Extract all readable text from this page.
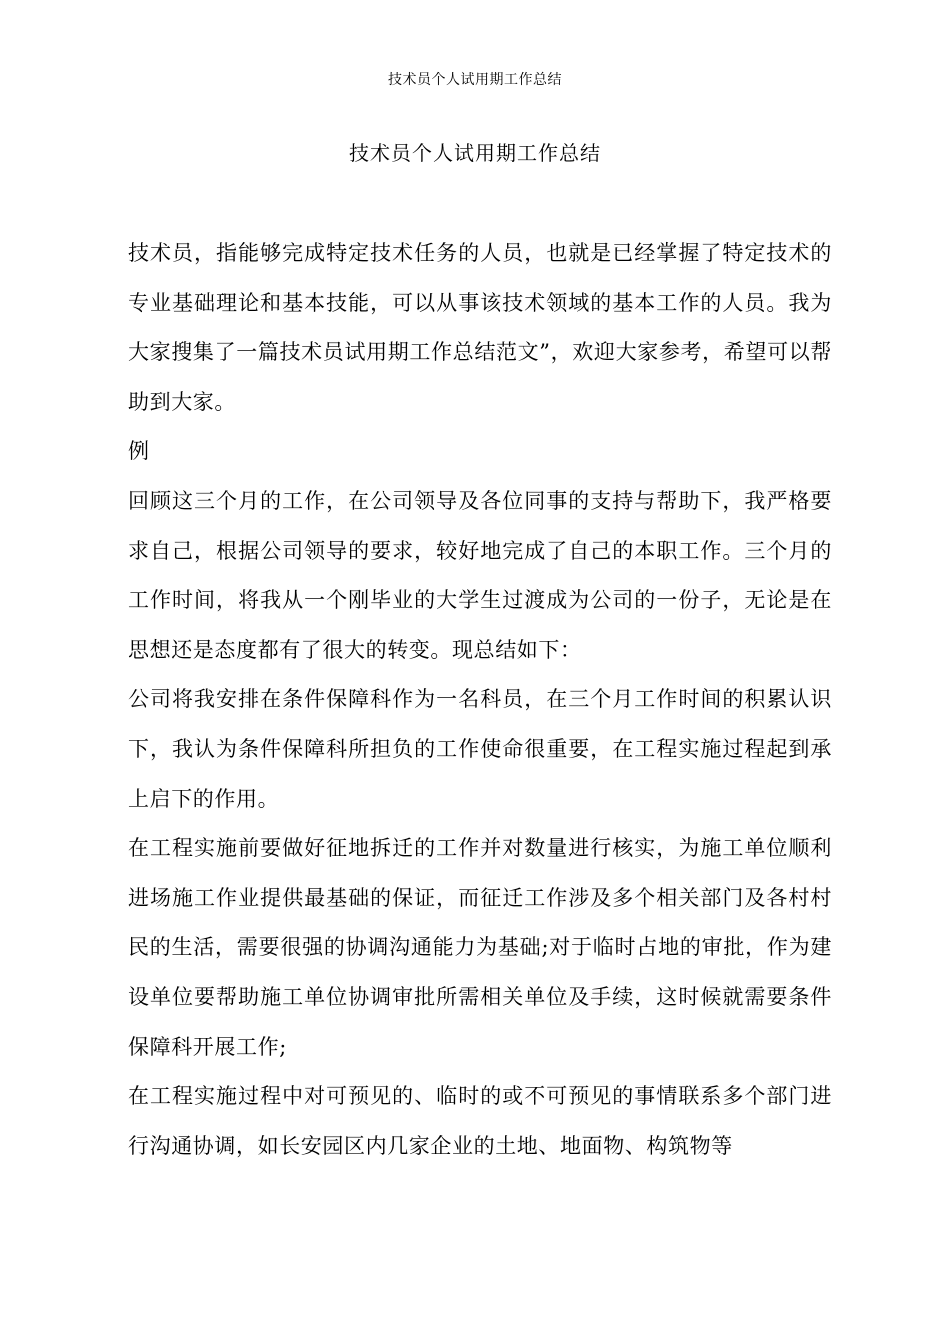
技术员个人试用期工作总结
技术员个人试用期工作总结

技术员，指能够完成特定技术任务的人员，也就是已经掌握了特定技术的专业基础理论和基本技能，可以从事该技术领域的基本工作的人员。我为大家搜集了一篇技术员试用期工作总结范文”，欢迎大家参考，希望可以帮助到大家。

例

回顾这三个月的工作，在公司领导及各位同事的支持与帮助下，我严格要求自己，根据公司领导的要求，较好地完成了自己的本职工作。三个月的工作时间，将我从一个刚毕业的大学生过渡成为公司的一份子，无论是在思想还是态度都有了很大的转变。现总结如下：

公司将我安排在条件保障科作为一名科员，在三个月工作时间的积累认识下，我认为条件保障科所担负的工作使命很重要，在工程实施过程起到承上启下的作用。

在工程实施前要做好征地拆迁的工作并对数量进行核实，为施工单位顺利进场施工作业提供最基础的保证，而征迁工作涉及多个相关部门及各村村民的生活，需要很强的协调沟通能力为基础;对于临时占地的审批，作为建设单位要帮助施工单位协调审批所需相关单位及手续，这时候就需要条件保障科开展工作;

在工程实施过程中对可预见的、临时的或不可预见的事情联系多个部门进行沟通协调，如长安园区内几家企业的土地、地面物、构筑物等
